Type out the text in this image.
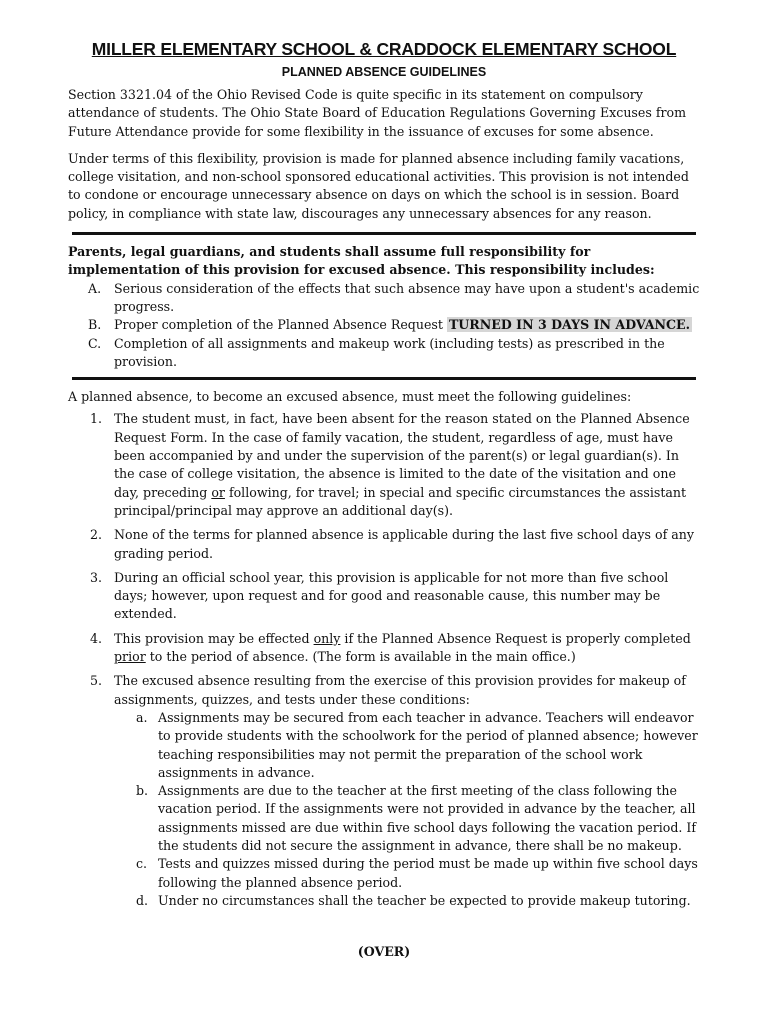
MILLER ELEMENTARY SCHOOL & CRADDOCK ELEMENTARY SCHOOL
PLANNED ABSENCE GUIDELINES

Section 3321.04 of the Ohio Revised Code is quite specific in its statement on compulsory attendance of students. The Ohio State Board of Education Regulations Governing Excuses from Future Attendance provide for some flexibility in the issuance of excuses for some absence.

Under terms of this flexibility, provision is made for planned absence including family vacations, college visitation, and non-school sponsored educational activities. This provision is not intended to condone or encourage unnecessary absence on days on which the school is in session. Board policy, in compliance with state law, discourages any unnecessary absences for any reason.

Parents, legal guardians, and students shall assume full responsibility for implementation of this provision for excused absence. This responsibility includes:

A. Serious consideration of the effects that such absence may have upon a student's academic progress.
B. Proper completion of the Planned Absence Request TURNED IN 3 DAYS IN ADVANCE.
C. Completion of all assignments and makeup work (including tests) as prescribed in the provision.

A planned absence, to become an excused absence, must meet the following guidelines:

1. The student must, in fact, have been absent for the reason stated on the Planned Absence Request Form. In the case of family vacation, the student, regardless of age, must have been accompanied by and under the supervision of the parent(s) or legal guardian(s). In the case of college visitation, the absence is limited to the date of the visitation and one day, preceding or following, for travel; in special and specific circumstances the assistant principal/principal may approve an additional day(s).
2. None of the terms for planned absence is applicable during the last five school days of any grading period.
3. During an official school year, this provision is applicable for not more than five school days; however, upon request and for good and reasonable cause, this number may be extended.
4. This provision may be effected only if the Planned Absence Request is properly completed prior to the period of absence. (The form is available in the main office.)
5. The excused absence resulting from the exercise of this provision provides for makeup of assignments, quizzes, and tests under these conditions:
a. Assignments may be secured from each teacher in advance. Teachers will endeavor to provide students with the schoolwork for the period of planned absence; however teaching responsibilities may not permit the preparation of the school work assignments in advance.
b. Assignments are due to the teacher at the first meeting of the class following the vacation period. If the assignments were not provided in advance by the teacher, all assignments missed are due within five school days following the vacation period. If the students did not secure the assignment in advance, there shall be no makeup.
c. Tests and quizzes missed during the period must be made up within five school days following the planned absence period.
d. Under no circumstances shall the teacher be expected to provide makeup tutoring.
(OVER)
